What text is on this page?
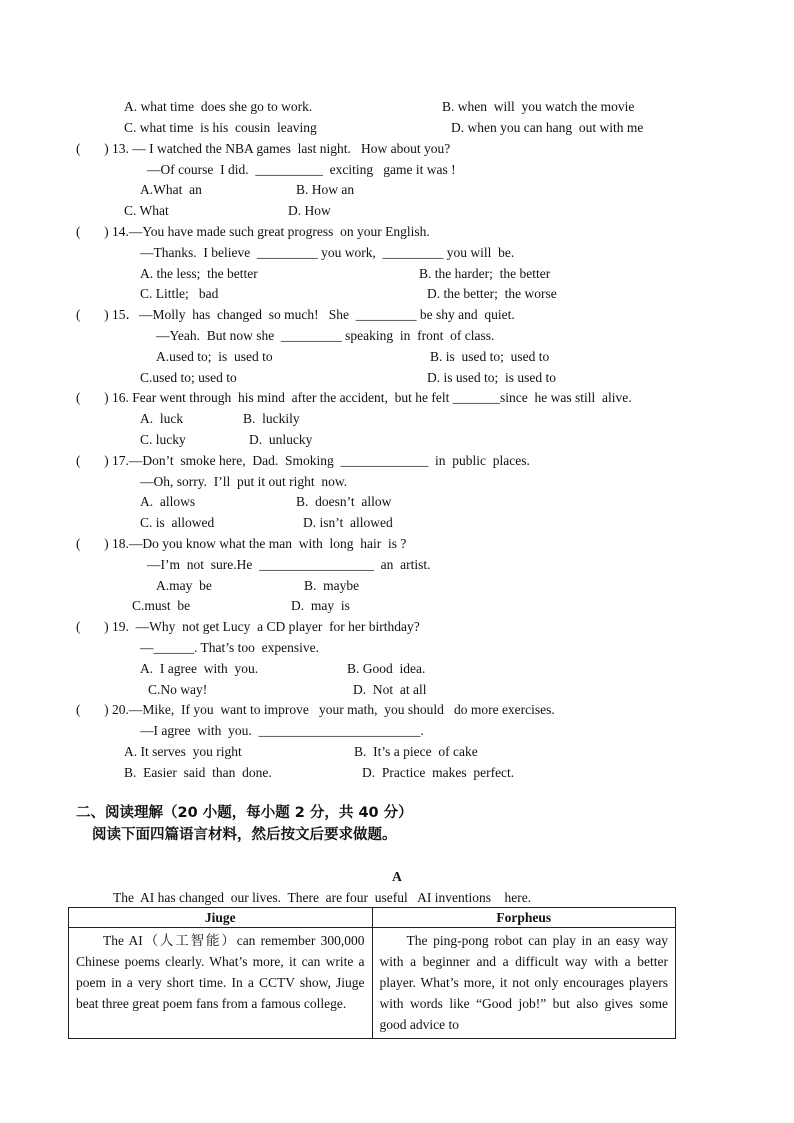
A. what time  does she go to work.	B. when  will  you watch the movie
C. what time  is his  cousin  leaving	D. when you can hang  out with me
(       ) 13. — I watched the NBA games  last night.   How about you?
—Of course  I did.  __________  exciting   game it was !
A.What  an	B. How an
C. What	D. How
(       ) 14.—You have made such great progress  on your English.
—Thanks.  I believe  _________ you work,  _________ you will  be.
A. the less;  the better	B. the harder;  the better
C. Little;   bad	D. the better;  the worse
(       ) 15．—Molly  has  changed  so much!   She  _________ be shy and  quiet.
—Yeah.  But now she  _________ speaking  in  front  of class.
A.used to;  is  used to	B. is  used to;  used to
C.used to; used to	D. is used to;  is used to
(       ) 16. Fear went through  his mind  after the accident,  but he felt _______since  he was still  alive.
A.  luck	B.  luckily
C. lucky	D.  unlucky
(       ) 17.—Don’t  smoke here,  Dad.  Smoking  _____________  in  public  places.
—Oh, sorry.  I’ll  put it out right  now.
A.  allows	B.  doesn’t  allow
C. is  allowed	D. isn’t  allowed
(       ) 18.—Do you know what the man  with  long  hair  is ?
—I’m  not  sure.He  _________________  an  artist.
A.may  be	B.  maybe
C.must  be	D.  may  is
(       ) 19.  —Why  not get Lucy  a CD player  for her birthday?
—______. That’s too  expensive.
A.  I agree  with  you.	B. Good  idea.
C.No way!	D.  Not  at all
(       ) 20.—Mike,  If you  want to improve   your math,  you should   do more exercises.
—I agree  with  you.  ________________________.
A. It serves  you right	B.  It’s a piece  of cake
B.  Easier  said  than  done.	D.  Practice  makes  perfect.
二、阅读理解（20 小题，每小题 2 分，共 40 分）
阅读下面四篇语言材料，然后按文后要求做题。
A
The  AI has changed  our lives.  There  are four  useful   AI inventions    here.
Jiuge	Forpheus
The AI（人工智能）can remember 300,000 Chinese poems clearly. What’s more, it can write a poem in a very short time. In a CCTV show, Jiuge beat three great poem fans from a famous college.	The ping-pong robot can play in an easy way with a beginner and a difficult way with a better player. What’s more, it not only encourages players with words like “Good job!” but also gives some good advice to
